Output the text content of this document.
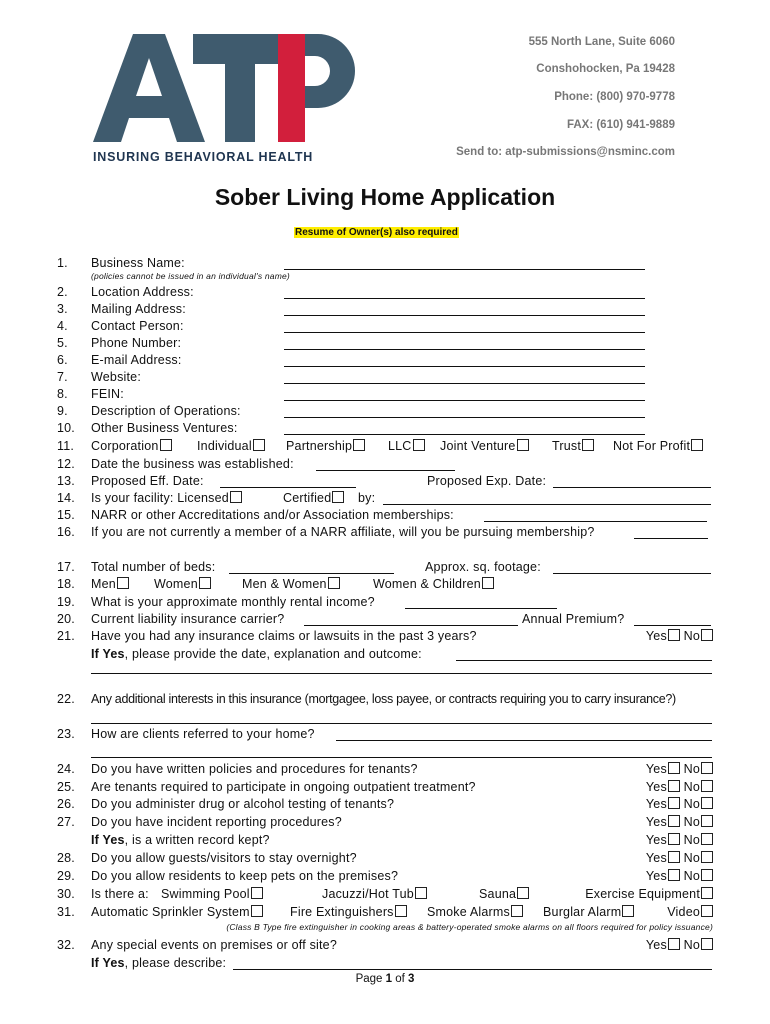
INSURING BEHAVIORAL HEALTH
555 North Lane, Suite 6060
Conshohocken, Pa 19428
Phone: (800) 970-9778
FAX: (610) 941-9889
Send to: atp-submissions@nsminc.com
Sober Living Home Application
Resume of Owner(s) also required
1. Business Name:
(policies cannot be issued in an individual's name)
2. Location Address:
3. Mailing Address:
4. Contact Person:
5. Phone Number:
6. E-mail Address:
7. Website:
8. FEIN:
9. Description of Operations:
10. Other Business Ventures:
11. Corporation	Individual	Partnership	LLC	Joint Venture	Trust	Not For Profit
12. Date the business was established:
13. Proposed Eff. Date:	Proposed Exp. Date:
14. Is your facility: Licensed	Certified	by:
15. NARR or other Accreditations and/or Association memberships:
16. If you are not currently a member of a NARR affiliate, will you be pursuing membership?
17. Total number of beds:	Approx. sq. footage:
18. Men	Women	Men & Women	Women & Children
19. What is your approximate monthly rental income?
20. Current liability insurance carrier?	Annual Premium?
21. Have you had any insurance claims or lawsuits in the past 3 years?	Yes No
If Yes, please provide the date, explanation and outcome:
22. Any additional interests in this insurance (mortgagee, loss payee, or contracts requiring you to carry insurance?)
23. How are clients referred to your home?
24. Do you have written policies and procedures for tenants?	Yes No
25. Are tenants required to participate in ongoing outpatient treatment?	Yes No
26. Do you administer drug or alcohol testing of tenants?	Yes No
27. Do you have incident reporting procedures?	Yes No
If Yes, is a written record kept?	Yes No
28. Do you allow guests/visitors to stay overnight?	Yes No
29. Do you allow residents to keep pets on the premises?	Yes No
30. Is there a: Swimming Pool	Jacuzzi/Hot Tub	Sauna	Exercise Equipment
31. Automatic Sprinkler System	Fire Extinguishers	Smoke Alarms	Burglar Alarm	Video
(Class B Type fire extinguisher in cooking areas & battery-operated smoke alarms on all floors required for policy issuance)
32. Any special events on premises or off site?	Yes No
If Yes, please describe:
Page 1 of 3
